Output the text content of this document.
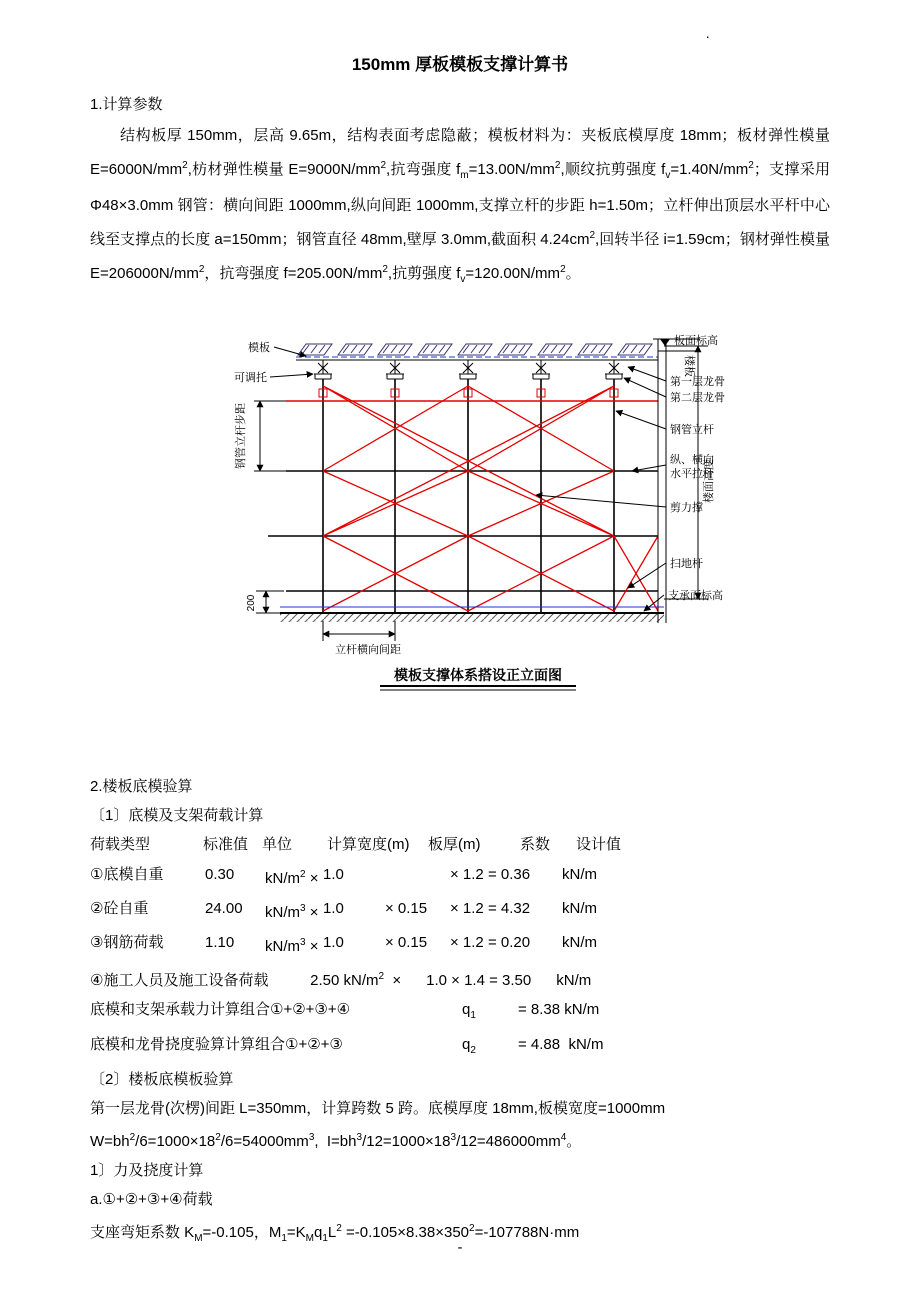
·
150mm 厚板模板支撑计算书

1.计算参数

结构板厚 150mm，层高 9.65m，结构表面考虑隐蔽；模板材料为：夹板底模厚度 18mm；板材弹性模量 $E=6000N/mm^2$,枋材弹性模量 $E=9000N/mm^2$,抗弯强度 $f_m=13.00N/mm^2$,顺纹抗剪强度 $f_v=1.40N/mm^2$；支撑采用Φ48×3.0mm 钢管：横向间距 1000mm,纵向间距 1000mm,支撑立杆的步距 h=1.50m；立杆伸出顶层水平杆中心线至支撑点的长度 a=150mm；钢管直径 48mm,壁厚 3.0mm,截面积 $4.24cm^2$,回转半径 i=1.59cm；钢材弹性模量 $E=206000N/mm^2$，抗弯强度 $f=205.00N/mm^2$,抗剪强度 $f_v=120.00N/mm^2$。

模板
可调托
钢管立杆步距
200
立杆横向间距
板面标高
楼板
第一层龙骨
第二层龙骨
钢管立杆
纵、横向
水平拉杆
剪力撑
扫地杆
支承面标高
楼面高度
模板支撑体系搭设正立面图

2.楼板底模验算

〔1〕底模及支架荷载计算

荷载类型	标准值 单位	计算宽度(m)	板厚(m)	系数	设计值
①底模自重	0.30	$kN/m^2 \times 1.0$	× 1.2 = 0.36	kN/m
②砼自重	24.00	$kN/m^3 \times 1.0$	× 0.15	× 1.2 = 4.32	kN/m
③钢筋荷载	1.10	$kN/m^3 \times 1.0$	× 0.15	× 1.2 = 0.20	kN/m

④施工人员及施工设备荷载          2.50 $kN/m^2$  ×      1.0 × 1.4 = 3.50      kN/m

底模和支架承载力计算组合①+②+③+④	$q_1$	= 8.38 kN/m
底模和龙骨挠度验算计算组合①+②+③	$q_2$	= 4.88  kN/m

〔2〕楼板底模板验算

第一层龙骨(次楞)间距 L=350mm，计算跨数 5 跨。底模厚度 18mm,板模宽度=1000mm

$W=bh^2/6=1000\times 18^2/6=54000mm^3$,  $I=bh^3/12=1000\times 18^3/12=486000mm^4$。

1〕力及挠度计算

a.①+②+③+④荷载

支座弯矩系数 $K_M=-0.105$，$M_1=K_Mq_1L^2 =-0.105\times 8.38\times 350^2=-107788N\cdot mm$

-
